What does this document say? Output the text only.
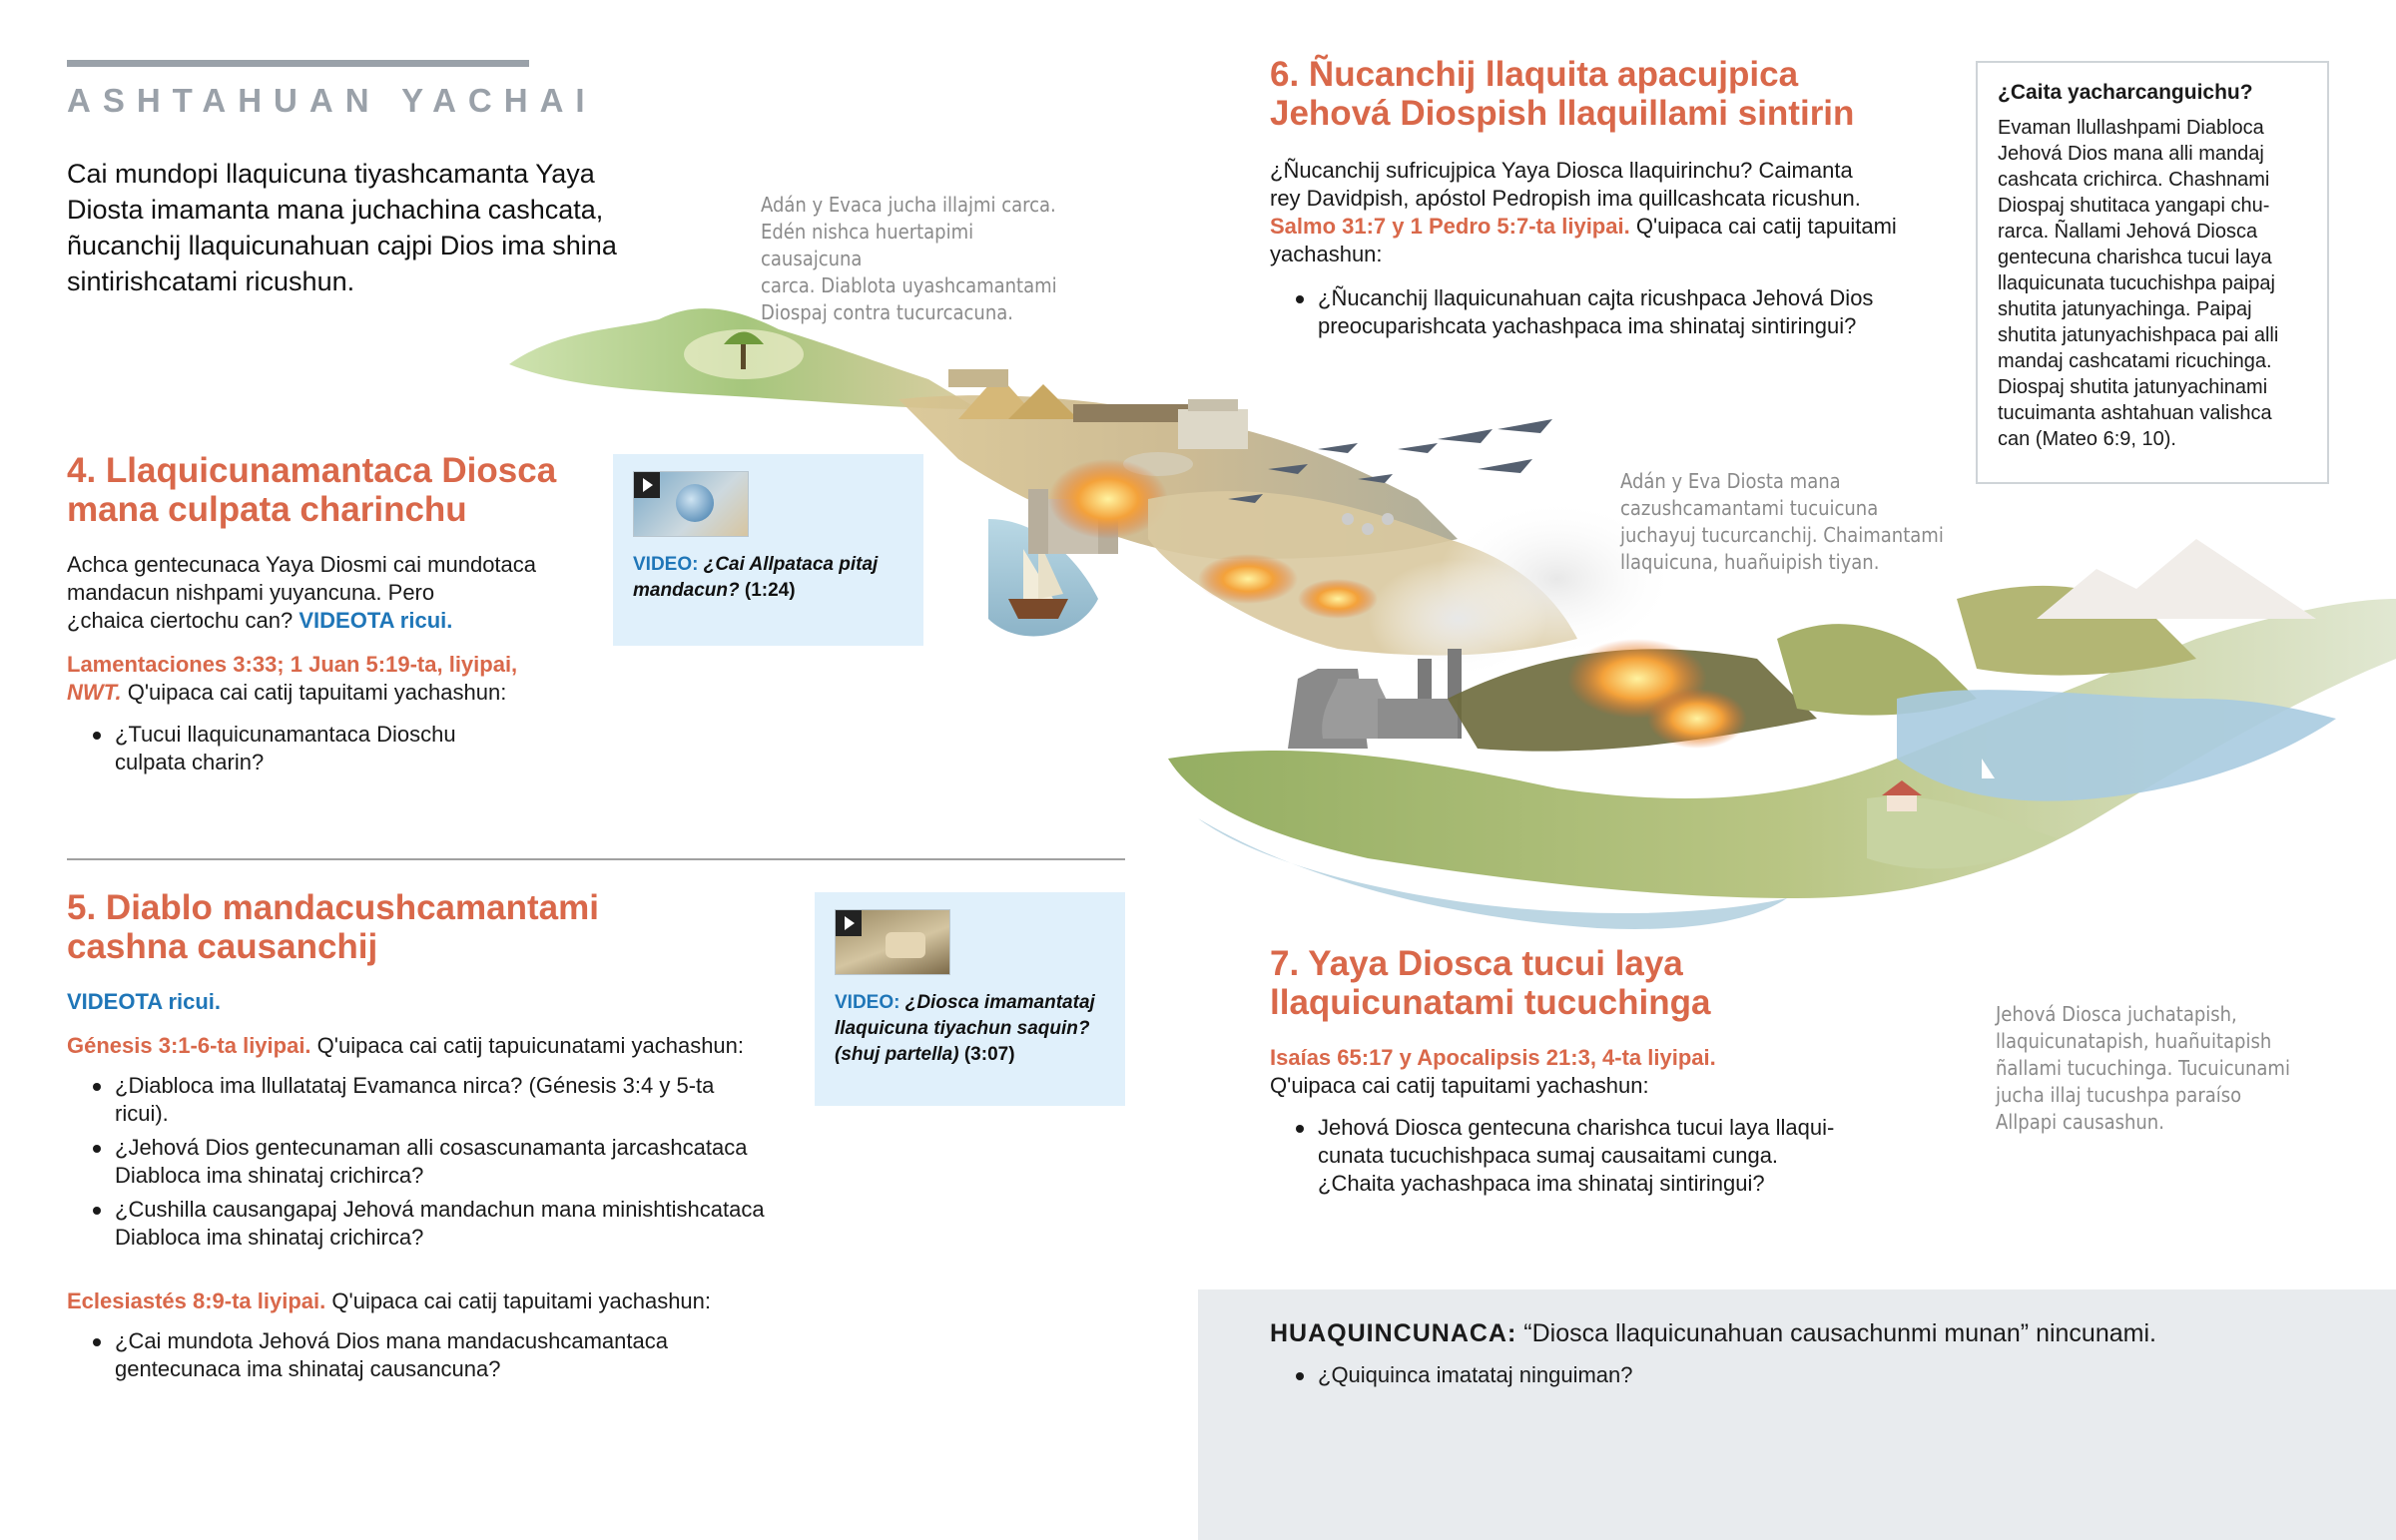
ASHTAHUAN YACHAI
Cai mundopi llaquicuna tiyashcamanta Yaya Diosta imamanta mana juchachina cashcata, ñucanchij llaquicunahuan cajpi Dios ima shina sintirishcatami ricushun.
Adán y Evaca jucha illajmi carca.
Edén nishca huertapimi causajcuna
carca. Diablota uyashcamantami
Diospaj contra tucurcacuna.
4. Llaquicunamantaca Diosca
mana culpata charinchu
Achca gentecunaca Yaya Diosmi cai mundotaca
mandacun nishpami yuyancuna. Pero
¿chaica ciertochu can? VIDEOTA ricui.
Lamentaciones 3:33; 1 Juan 5:19-ta, liyipai,
NWT. Q'uipaca cai catij tapuitami yachashun:
¿Tucui llaquicunamantaca Dioschu
culpata charin?
VIDEO: ¿Cai Allpataca pitaj mandacun? (1:24)
5. Diablo mandacushcamantami
cashna causanchij
VIDEOTA ricui.
Génesis 3:1-6-ta liyipai. Q'uipaca cai catij tapuicunatami yachashun:
¿Diabloca ima llullatataj Evamanca nirca? (Génesis 3:4 y 5-ta
ricui).
¿Jehová Dios gentecunaman alli cosascunamanta jarcashcataca
Diabloca ima shinataj crichirca?
¿Cushilla causangapaj Jehová mandachun mana minishtishcataca
Diabloca ima shinataj crichirca?
Eclesiastés 8:9-ta liyipai. Q'uipaca cai catij tapuitami yachashun:
¿Cai mundota Jehová Dios mana mandacushcamantaca
gentecunaca ima shinataj causancuna?
VIDEO: ¿Diosca imamantataj
llaquicuna tiyachun saquin?
(shuj partella) (3:07)
6. Ñucanchij llaquita apacujpica
Jehová Diospish llaquillami sintirin
¿Ñucanchij sufricujpica Yaya Diosca llaquirinchu? Caimanta
rey Davidpish, apóstol Pedropish ima quillcashcata ricushun.
Salmo 31:7 y 1 Pedro 5:7-ta liyipai. Q'uipaca cai catij tapuitami
yachashun:
¿Ñucanchij llaquicunahuan cajta ricushpaca Jehová Dios
preocuparishcata yachashpaca ima shinataj sintiringui?
¿Caita yacharcanguichu?

Evaman llullashpami Diabloca
Jehová Dios mana alli mandaj
cashcata crichirca. Chashnami
Diospaj shutitaca yangapi chu-
rarca. Ñallami Jehová Diosca
gentecuna charishca tucui laya
llaquicunata tucuchishpa paipaj
shutita jatunyachinga. Paipaj
shutita jatunyachishpaca pai alli
mandaj cashcatami ricuchinga.
Diospaj shutita jatunyachinami
tucuimanta ashtahuan valishca
can (Mateo 6:9, 10).

Adán y Eva Diosta mana
cazushcamantami tucuicuna
juchayuj tucurcanchij. Chaimantami
llaquicuna, huañuipish tiyan.
7. Yaya Diosca tucui laya
llaquicunatami tucuchinga
Isaías 65:17 y Apocalipsis 21:3, 4-ta liyipai.
Q'uipaca cai catij tapuitami yachashun:
Jehová Diosca gentecuna charishca tucui laya llaqui-
cunata tucuchishpaca sumaj causaitami cunga.
¿Chaita yachashpaca ima shinataj sintiringui?
Jehová Diosca juchatapish,
llaquicunatapish, huañuitapish
ñallami tucuchinga. Tucuicunami
jucha illaj tucushpa paraíso
Allpapi causashun.
HUAQUINCUNACA: “Diosca llaquicunahuan causachunmi munan” nincunami.
¿Quiquinca imatataj ninguiman?
